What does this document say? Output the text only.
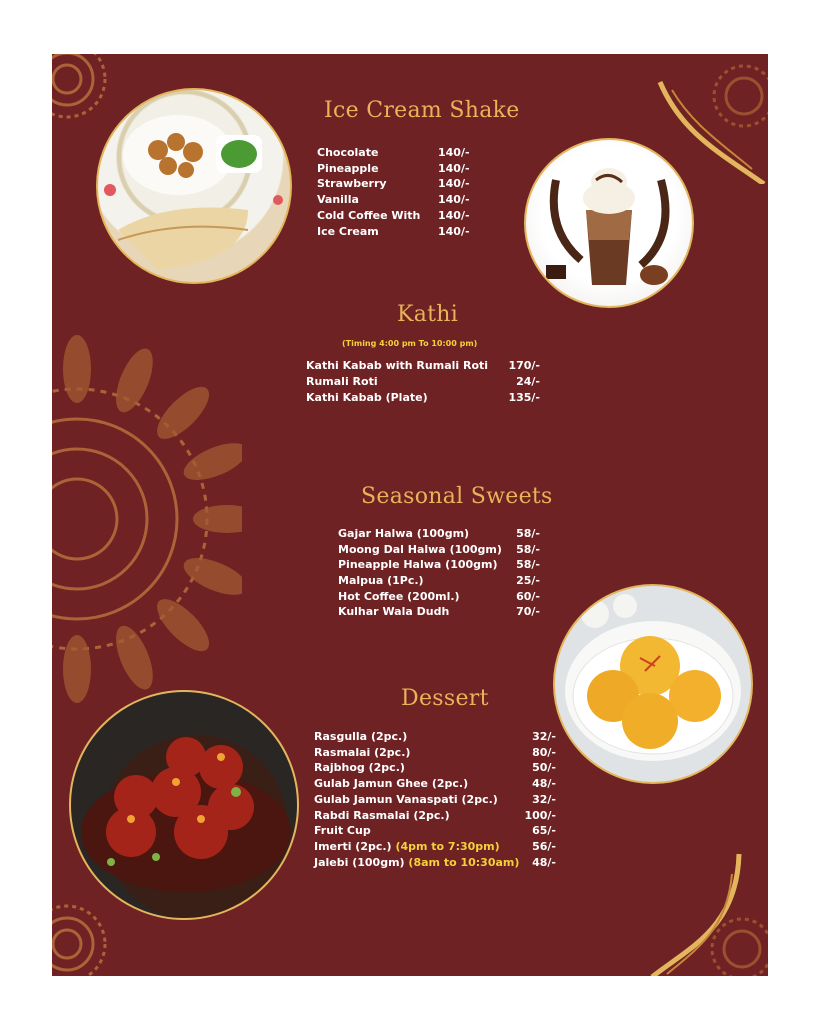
Ice Cream Shake
Chocolate	140/-
Pineapple	140/-
Strawberry	140/-
Vanilla	140/-
Cold Coffee With 140/-
Ice Cream	140/-
Kathi
(Timing 4:00 pm To 10:00 pm)
Kathi Kabab with Rumali Roti	170/-
Rumali Roti	24/-
Kathi Kabab (Plate)	135/-
Seasonal Sweets
Gajar Halwa (100gm)	58/-
Moong Dal Halwa (100gm)	58/-
Pineapple Halwa (100gm)	58/-
Malpua (1Pc.)	25/-
Hot Coffee (200ml.)	60/-
Kulhar Wala Dudh	70/-
Dessert
Rasgulla (2pc.)	32/-
Rasmalai (2pc.)	80/-
Rajbhog (2pc.)	50/-
Gulab Jamun Ghee (2pc.)	48/-
Gulab Jamun Vanaspati (2pc.)	32/-
Rabdi Rasmalai (2pc.)	100/-
Fruit Cup	65/-
Imerti (2pc.) (4pm to 7:30pm)	56/-
Jalebi (100gm) (8am to 10:30am)	48/-
